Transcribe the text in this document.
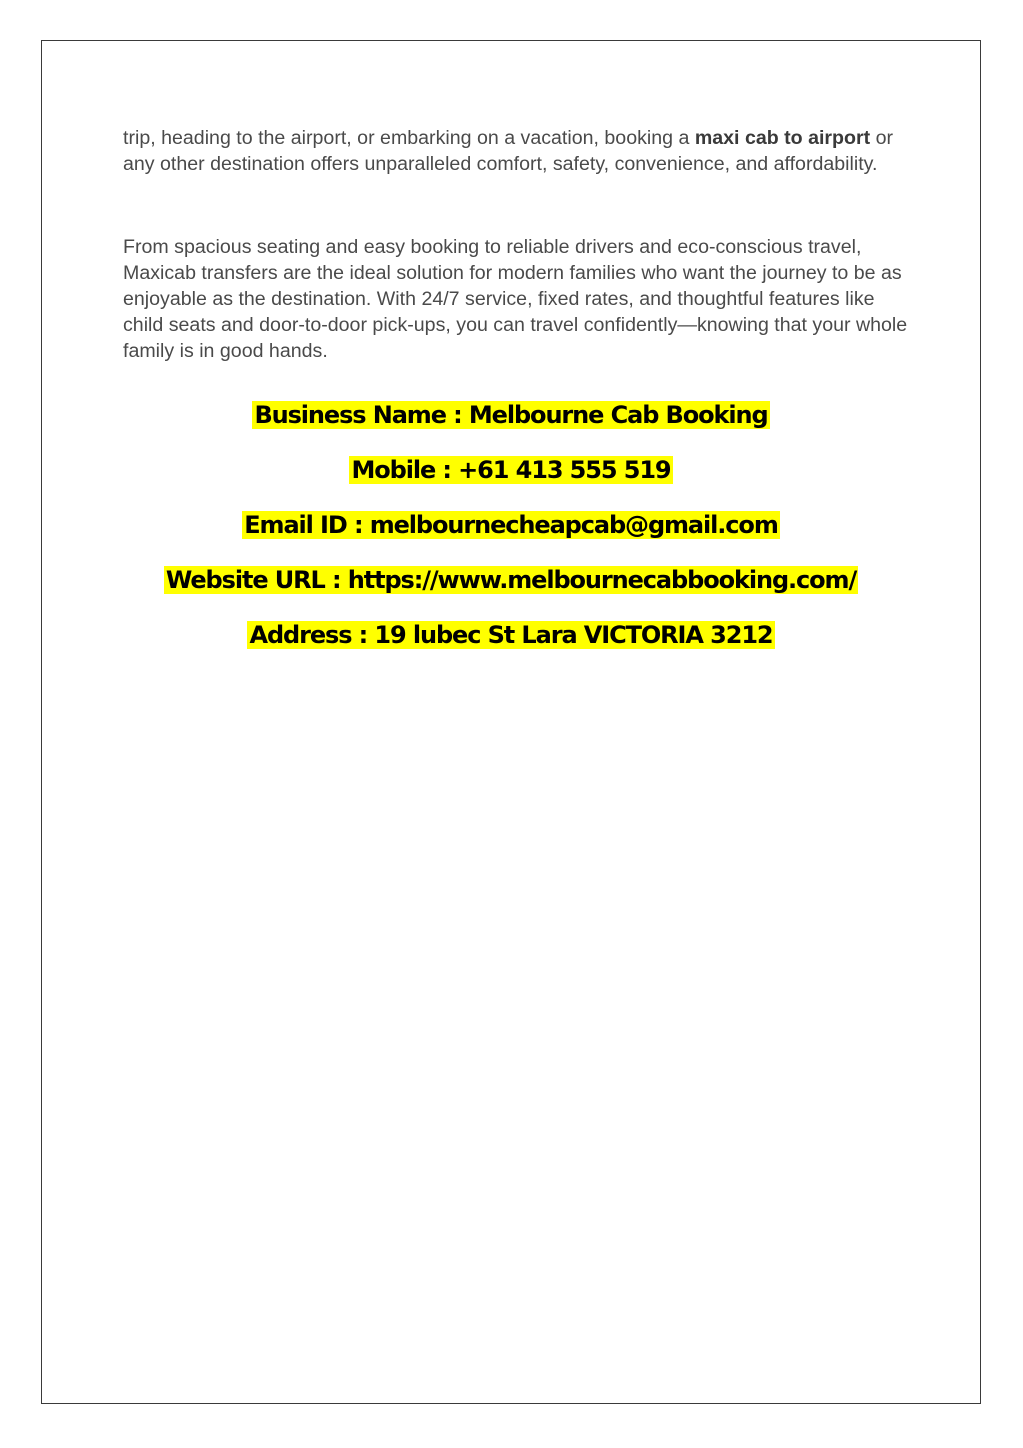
trip, heading to the airport, or embarking on a vacation, booking a maxi cab to airport or any other destination offers unparalleled comfort, safety, convenience, and affordability.

From spacious seating and easy booking to reliable drivers and eco-conscious travel, Maxicab transfers are the ideal solution for modern families who want the journey to be as enjoyable as the destination. With 24/7 service, fixed rates, and thoughtful features like child seats and door-to-door pick-ups, you can travel confidently—knowing that your whole family is in good hands.

Business Name : Melbourne Cab Booking

Mobile : +61 413 555 519

Email ID : melbournecheapcab@gmail.com

Website URL : https://www.melbournecabbooking.com/

Address : 19 lubec St Lara VICTORIA 3212
